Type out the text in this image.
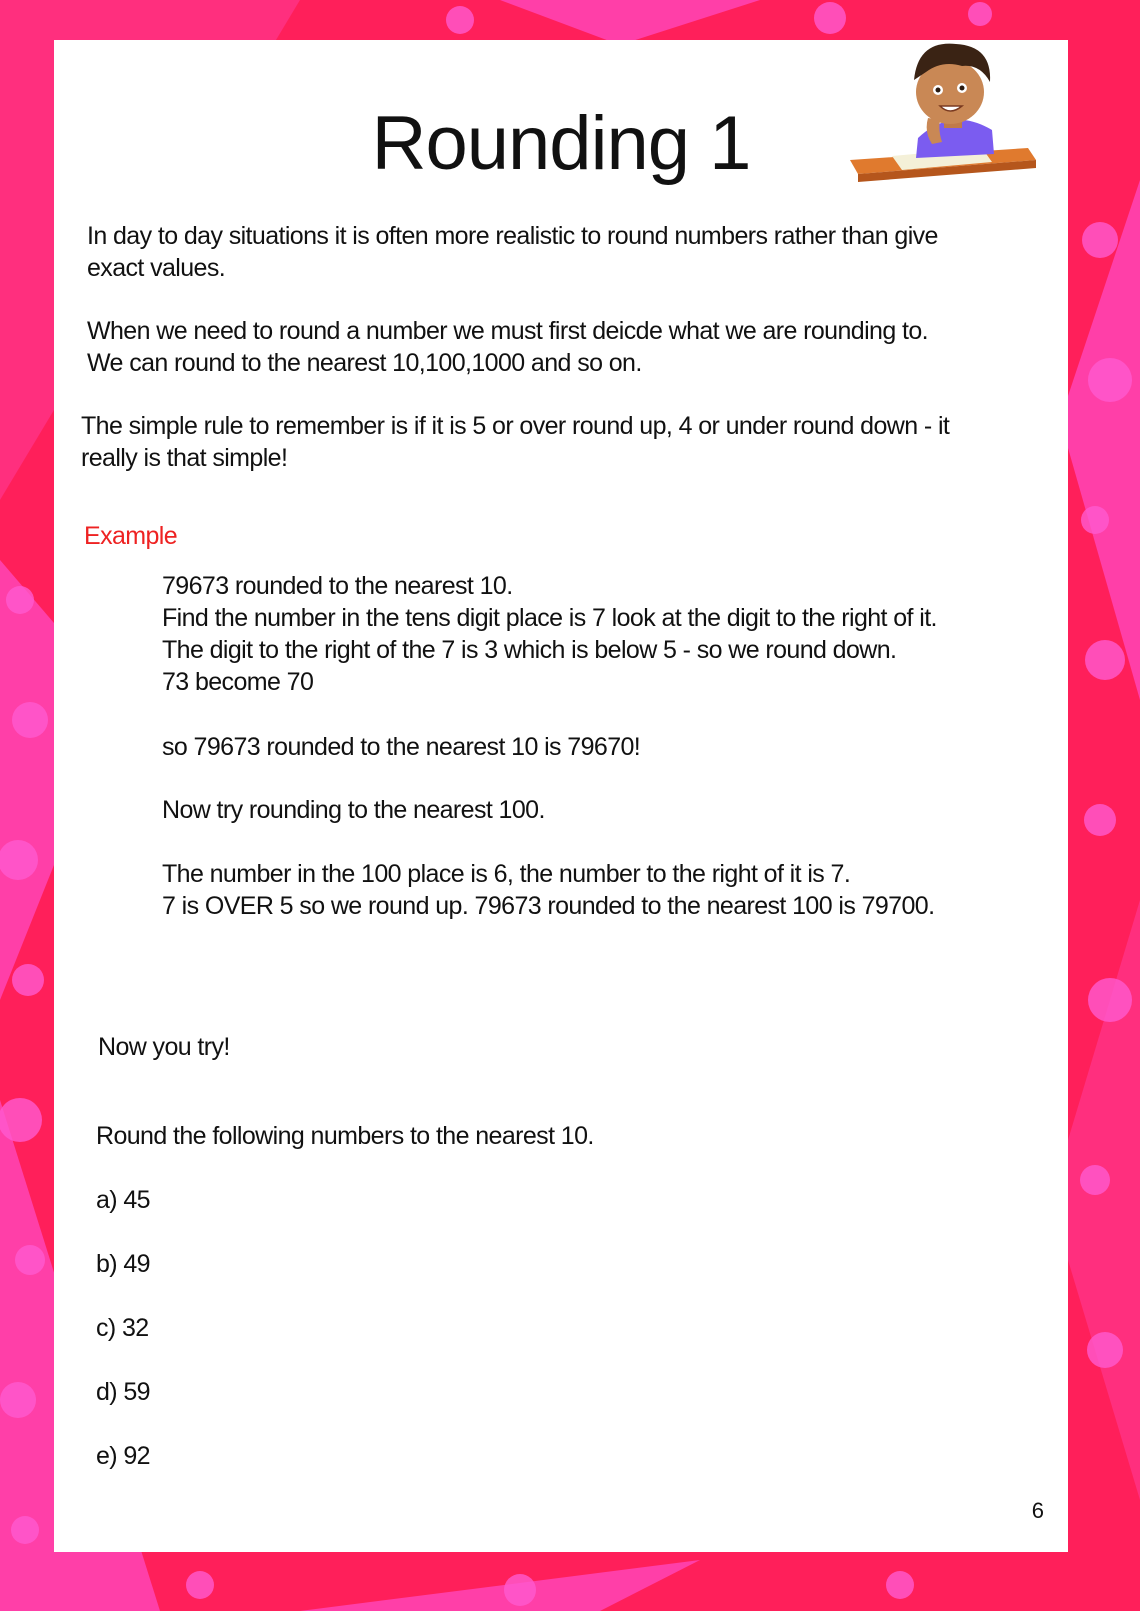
Rounding 1

In day to day situations it is often more realistic to round numbers rather than give
exact values.

When we need to round a number we must first deicde what we are rounding to.
We can round to the nearest 10,100,1000 and so on.

The simple rule to remember is if it is 5 or over round up, 4 or under round down - it
really is that simple!

Example

79673 rounded to the nearest 10.
Find the number in the tens digit place is 7 look at the digit to the right of it.
The digit to the right of the 7 is 3 which is below 5 - so we round down.
73 become 70

so 79673 rounded to the nearest 10 is 79670!

Now try rounding to the nearest 100.

The number in the 100 place is 6, the number to the right of it is 7.
7 is OVER 5 so we round up. 79673 rounded to the nearest 100 is 79700.

Now you try!

Round the following numbers to the nearest 10.

a) 45

b) 49

c) 32

d) 59

e) 92

6
